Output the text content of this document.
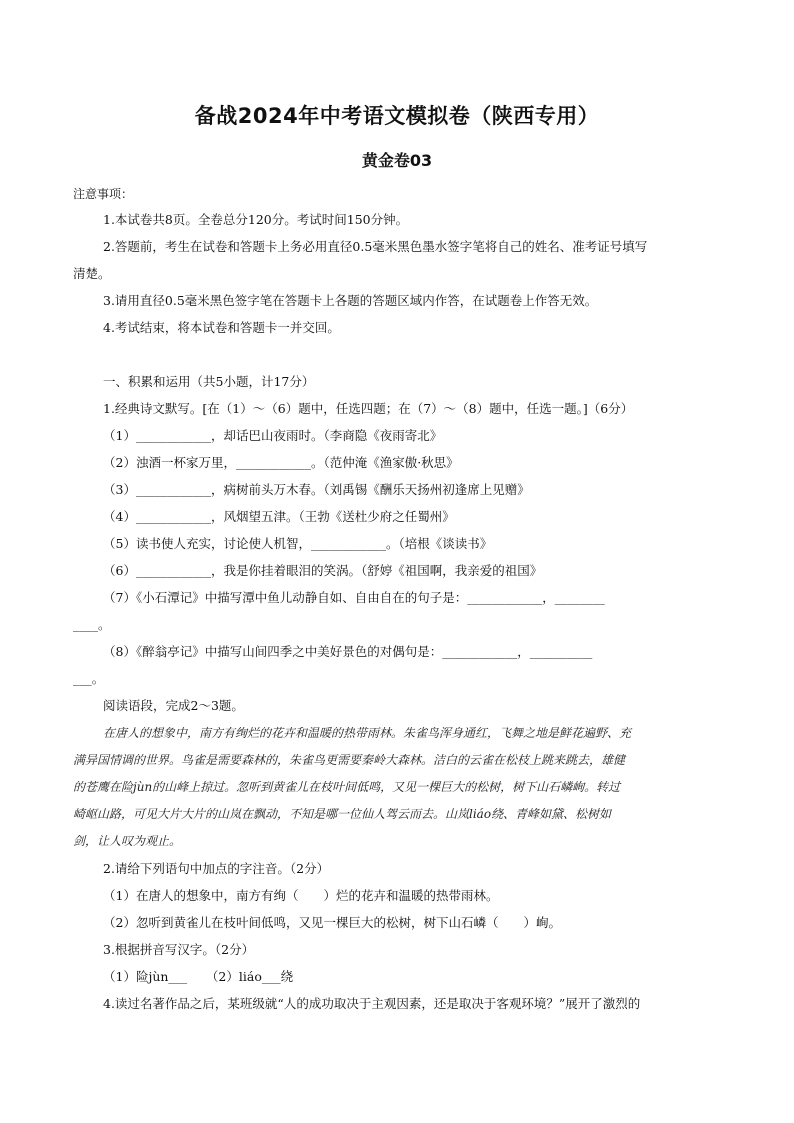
备战2024年中考语文模拟卷（陕西专用）
黄金卷03
注意事项：
1.本试卷共8页。全卷总分120分。考试时间150分钟。
2.答题前，考生在试卷和答题卡上务必用直径0.5毫米黑色墨水签字笔将自己的姓名、准考证号填写
清楚。
3.请用直径0.5毫米黑色签字笔在答题卡上各题的答题区域内作答，在试题卷上作答无效。
4.考试结束，将本试卷和答题卡一并交回。
一、积累和运用（共5小题，计17分）
1.经典诗文默写。[在（1）～（6）题中，任选四题；在（7）～（8）题中，任选一题。]（6分）
（1）____________，却话巴山夜雨时。（李商隐《夜雨寄北》
（2）浊酒一杯家万里，____________。（范仲淹《渔家傲·秋思》
（3）____________，病树前头万木春。（刘禹锡《酬乐天扬州初逢席上见赠》
（4）____________，风烟望五津。（王勃《送杜少府之任蜀州》
（5）读书使人充实，讨论使人机智，____________。（培根《谈读书》
（6）____________，我是你挂着眼泪的笑涡。（舒婷《祖国啊，我亲爱的祖国》
（7）《小石潭记》中描写潭中鱼儿动静自如、自由自在的句子是：____________，________
____。
（8）《醉翁亭记》中描写山间四季之中美好景色的对偶句是：____________，__________
___。
阅读语段，完成2～3题。
在唐人的想象中，南方有绚烂的花卉和温暖的热带雨林。朱雀鸟浑身通红，飞舞之地是鲜花遍野、充
满异国情调的世界。鸟雀是需要森林的，朱雀鸟更需要秦岭大森林。洁白的云雀在松枝上跳来跳去，雄健
的苍鹰在险jùn的山峰上掠过。忽听到黄雀儿在枝叶间低鸣，又见一棵巨大的松树，树下山石嶙峋。转过
崎岖山路，可见大片大片的山岚在飘动，不知是哪一位仙人驾云而去。山岚liáo绕、青峰如黛、松树如
剑，让人叹为观止。
2.请给下列语句中加点的字注音。（2分）
（1）在唐人的想象中，南方有绚（　　）烂的花卉和温暖的热带雨林。
（2）忽听到黄雀儿在枝叶间低鸣，又见一棵巨大的松树，树下山石嶙（　　）峋。
3.根据拼音写汉字。（2分）
（1）险jùn___　　（2）liáo___绕
4.读过名著作品之后，某班级就“人的成功取决于主观因素，还是取决于客观环境？”展开了激烈的
